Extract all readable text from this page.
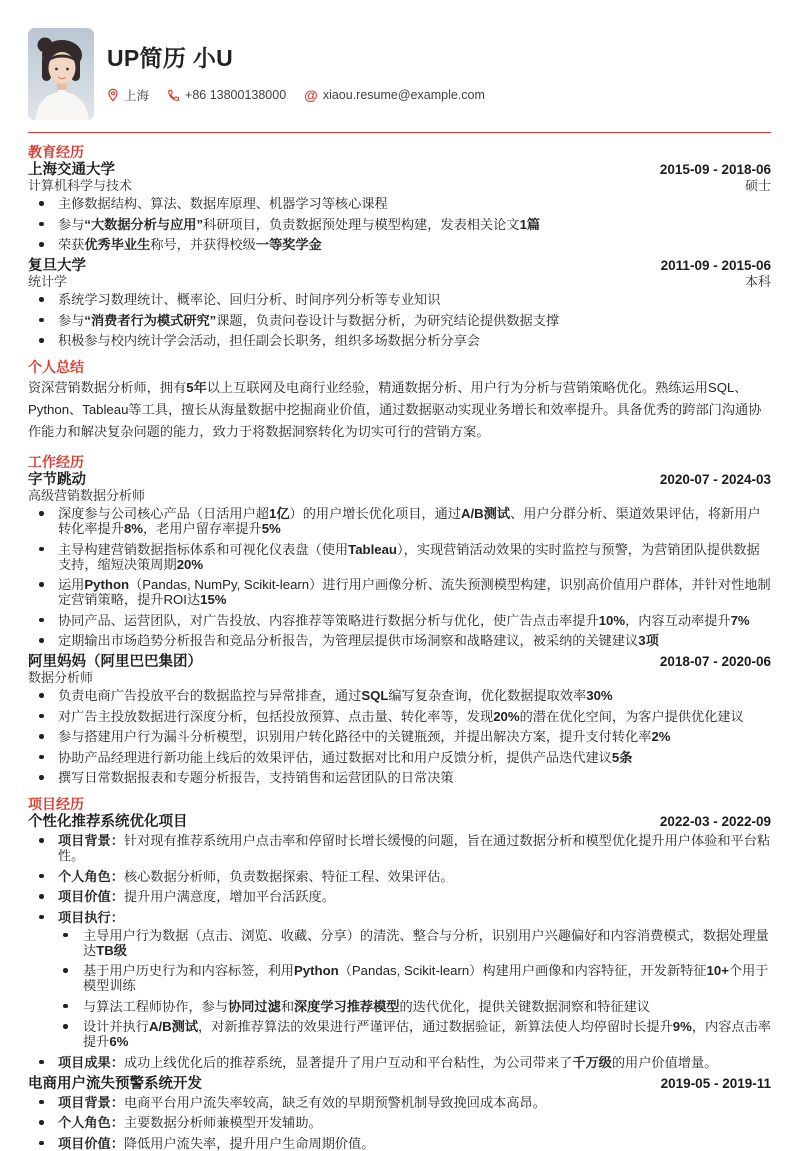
UP简历 小U
上海	+86 13800138000 @ xiaou.resume@example.com
教育经历
上海交通大学	2015-09 - 2018-06
计算机科学与技术	硕士
主修数据结构、算法、数据库原理、机器学习等核心课程
参与“大数据分析与应用”科研项目，负责数据预处理与模型构建，发表相关论文1篇
荣获优秀毕业生称号，并获得校级一等奖学金
复旦大学	2011-09 - 2015-06
统计学	本科
系统学习数理统计、概率论、回归分析、时间序列分析等专业知识
参与“消费者行为模式研究”课题，负责问卷设计与数据分析，为研究结论提供数据支撑
积极参与校内统计学会活动，担任副会长职务，组织多场数据分析分享会
个人总结

资深营销数据分析师，拥有5年以上互联网及电商行业经验，精通数据分析、用户行为分析与营销策略优化。熟练运用SQL、Python、Tableau等工具，擅长从海量数据中挖掘商业价值，通过数据驱动实现业务增长和效率提升。具备优秀的跨部门沟通协作能力和解决复杂问题的能力，致力于将数据洞察转化为切实可行的营销方案。

工作经历
字节跳动	2020-07 - 2024-03
高级营销数据分析师
深度参与公司核心产品（日活用户超1亿）的用户增长优化项目，通过A/B测试、用户分群分析、渠道效果评估，将新用户转化率提升8%，老用户留存率提升5%
主导构建营销数据指标体系和可视化仪表盘（使用Tableau），实现营销活动效果的实时监控与预警，为营销团队提供数据支持，缩短决策周期20%
运用Python（Pandas, NumPy, Scikit-learn）进行用户画像分析、流失预测模型构建，识别高价值用户群体，并针对性地制定营销策略，提升ROI达15%
协同产品、运营团队，对广告投放、内容推荐等策略进行数据分析与优化，使广告点击率提升10%，内容互动率提升7%
定期输出市场趋势分析报告和竞品分析报告，为管理层提供市场洞察和战略建议，被采纳的关键建议3项
阿里妈妈（阿里巴巴集团）	2018-07 - 2020-06
数据分析师
负责电商广告投放平台的数据监控与异常排查，通过SQL编写复杂查询，优化数据提取效率30%
对广告主投放数据进行深度分析，包括投放预算、点击量、转化率等，发现20%的潜在优化空间，为客户提供优化建议
参与搭建用户行为漏斗分析模型，识别用户转化路径中的关键瓶颈，并提出解决方案，提升支付转化率2%
协助产品经理进行新功能上线后的效果评估，通过数据对比和用户反馈分析，提供产品迭代建议5条
撰写日常数据报表和专题分析报告，支持销售和运营团队的日常决策
项目经历
个性化推荐系统优化项目	2022-03 - 2022-09
项目背景：针对现有推荐系统用户点击率和停留时长增长缓慢的问题，旨在通过数据分析和模型优化提升用户体验和平台粘性。
个人角色：核心数据分析师，负责数据探索、特征工程、效果评估。
项目价值：提升用户满意度，增加平台活跃度。
项目执行：
主导用户行为数据（点击、浏览、收藏、分享）的清洗、整合与分析，识别用户兴趣偏好和内容消费模式，数据处理量达TB级
基于用户历史行为和内容标签，利用Python（Pandas, Scikit-learn）构建用户画像和内容特征，开发新特征10+个用于模型训练
与算法工程师协作，参与协同过滤和深度学习推荐模型的迭代优化，提供关键数据洞察和特征建议
设计并执行A/B测试，对新推荐算法的效果进行严谨评估，通过数据验证，新算法使人均停留时长提升9%，内容点击率提升6%
项目成果：成功上线优化后的推荐系统，显著提升了用户互动和平台粘性，为公司带来了千万级的用户价值增量。
电商用户流失预警系统开发	2019-05 - 2019-11
项目背景：电商平台用户流失率较高，缺乏有效的早期预警机制导致挽回成本高昂。
个人角色：主要数据分析师兼模型开发辅助。
项目价值：降低用户流失率，提升用户生命周期价值。
